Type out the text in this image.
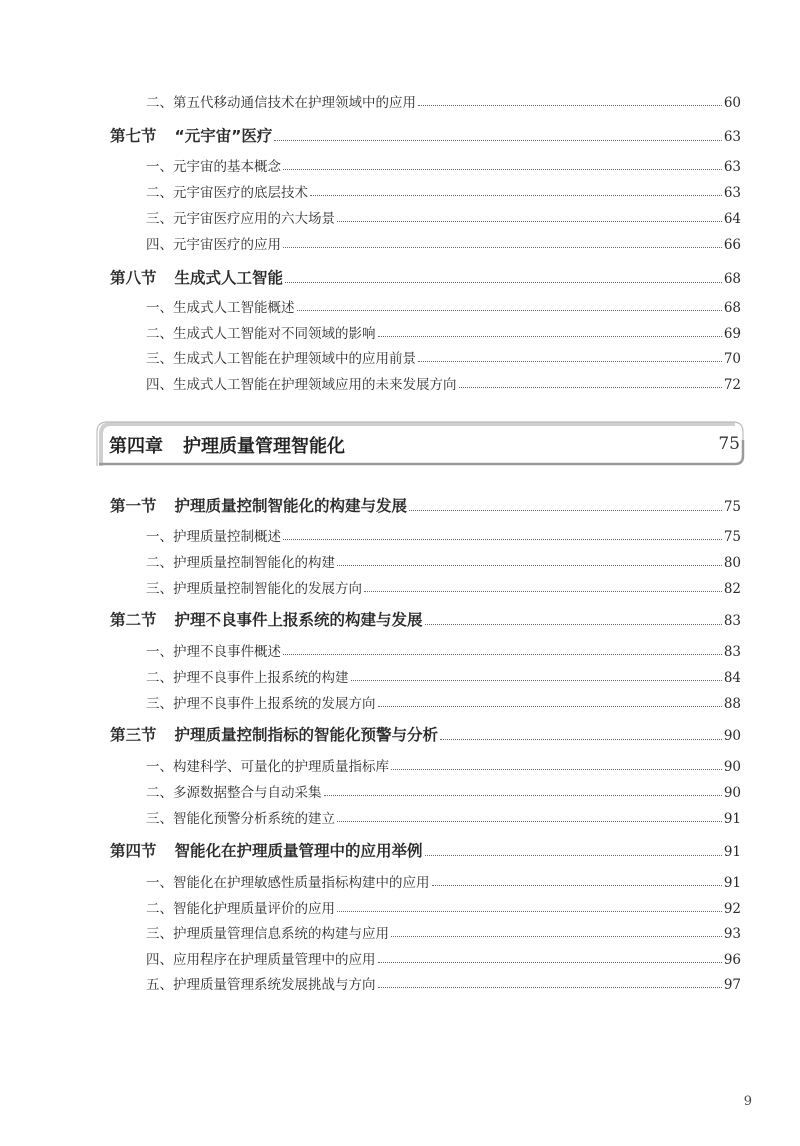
二、第五代移动通信技术在护理领域中的应用	60
第七节 “元宇宙”医疗	63
一、元宇宙的基本概念	63
二、元宇宙医疗的底层技术	63
三、元宇宙医疗应用的六大场景	64
四、元宇宙医疗的应用	66
第八节 生成式人工智能	68
一、生成式人工智能概述	68
二、生成式人工智能对不同领域的影响	69
三、生成式人工智能在护理领域中的应用前景	70
四、生成式人工智能在护理领域应用的未来发展方向	72
第四章 护理质量管理智能化	75
第一节 护理质量控制智能化的构建与发展	75
一、护理质量控制概述	75
二、护理质量控制智能化的构建	80
三、护理质量控制智能化的发展方向	82
第二节 护理不良事件上报系统的构建与发展	83
一、护理不良事件概述	83
二、护理不良事件上报系统的构建	84
三、护理不良事件上报系统的发展方向	88
第三节 护理质量控制指标的智能化预警与分析	90
一、构建科学、可量化的护理质量指标库	90
二、多源数据整合与自动采集	90
三、智能化预警分析系统的建立	91
第四节 智能化在护理质量管理中的应用举例	91
一、智能化在护理敏感性质量指标构建中的应用	91
二、智能化护理质量评价的应用	92
三、护理质量管理信息系统的构建与应用	93
四、应用程序在护理质量管理中的应用	96
五、护理质量管理系统发展挑战与方向	97
9
